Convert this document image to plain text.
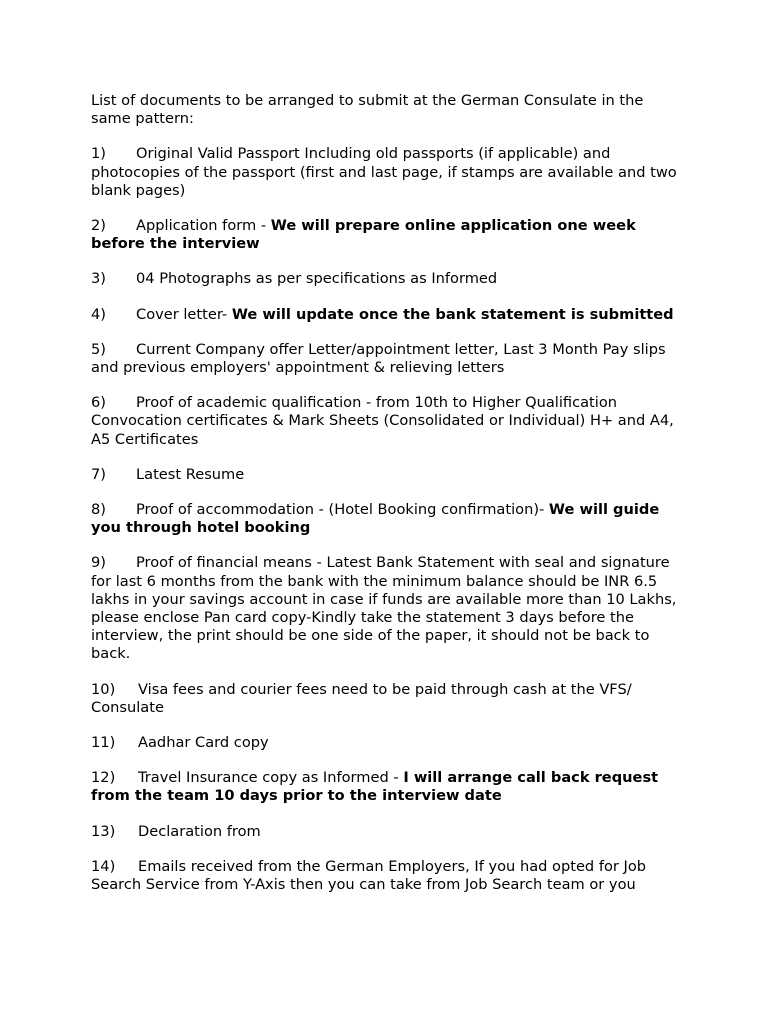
List of documents to be arranged to submit at the German Consulate in the same pattern:

1) Original Valid Passport Including old passports (if applicable) and photocopies of the passport (first and last page, if stamps are available and two blank pages)
2) Application form - We will prepare online application one week before the interview
3) 04 Photographs as per specifications as Informed
4) Cover letter- We will update once the bank statement is submitted
5) Current Company offer Letter/appointment letter, Last 3 Month Pay slips and previous employers' appointment & relieving letters
6) Proof of academic qualification - from 10th to Higher Qualification Convocation certificates & Mark Sheets (Consolidated or Individual) H+ and A4, A5 Certificates
7) Latest Resume
8) Proof of accommodation - (Hotel Booking confirmation)- We will guide you through hotel booking
9) Proof of financial means - Latest Bank Statement with seal and signature for last 6 months from the bank with the minimum balance should be INR 6.5 lakhs in your savings account in case if funds are available more than 10 Lakhs, please enclose Pan card copy-Kindly take the statement 3 days before the interview, the print should be one side of the paper, it should not be back to back.
10) Visa fees and courier fees need to be paid through cash at the VFS/ Consulate
11) Aadhar Card copy
12) Travel Insurance copy as Informed - I will arrange call back request from the team 10 days prior to the interview date
13) Declaration from
14) Emails received from the German Employers, If you had opted for Job Search Service from Y-Axis then you can take from Job Search team or you
